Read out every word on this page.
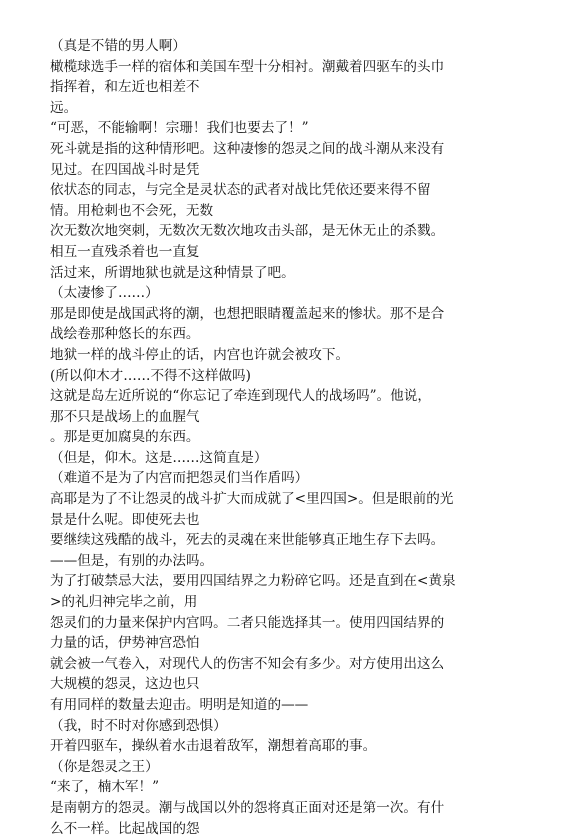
（真是不错的男人啊）
橄榄球选手一样的宿体和美国车型十分相衬。潮戴着四驱车的头巾
指挥着，和左近也相差不
远。
“可恶，不能输啊！宗珊！我们也要去了！”
死斗就是指的这种情形吧。这种凄惨的怨灵之间的战斗潮从来没有
见过。在四国战斗时是凭
依状态的同志，与完全是灵状态的武者对战比凭依还要来得不留
情。用枪刺也不会死，无数
次无数次地突刺，无数次无数次地攻击头部，是无休无止的杀戮。
相互一直残杀着也一直复
活过来，所谓地狱也就是这种情景了吧。
（太凄惨了……）
那是即使是战国武将的潮，也想把眼睛覆盖起来的惨状。那不是合
战绘卷那种悠长的东西。
地狱一样的战斗停止的话，内宫也许就会被攻下。
(所以仰木才……不得不这样做吗)
这就是岛左近所说的“你忘记了牵连到现代人的战场吗”。他说，
那不只是战场上的血腥气
。那是更加腐臭的东西。
（但是，仰木。这是……这简直是）
（难道不是为了内宫而把怨灵们当作盾吗）
高耶是为了不让怨灵的战斗扩大而成就了<里四国>。但是眼前的光
景是什么呢。即使死去也
要继续这残酷的战斗，死去的灵魂在来世能够真正地生存下去吗。
——但是，有别的办法吗。
为了打破禁忌大法，要用四国结界之力粉碎它吗。还是直到在<黄泉
>的礼归神完毕之前，用
怨灵们的力量来保护内宫吗。二者只能选择其一。使用四国结界的
力量的话，伊势神宫恐怕
就会被一气卷入，对现代人的伤害不知会有多少。对方使用出这么
大规模的怨灵，这边也只
有用同样的数量去迎击。明明是知道的——
（我，时不时对你感到恐惧）
开着四驱车，操纵着水击退着敌军，潮想着高耶的事。
（你是怨灵之王）
“来了，楠木军！”
是南朝方的怨灵。潮与战国以外的怨将真正面对还是第一次。有什
么不一样。比起战国的怨
